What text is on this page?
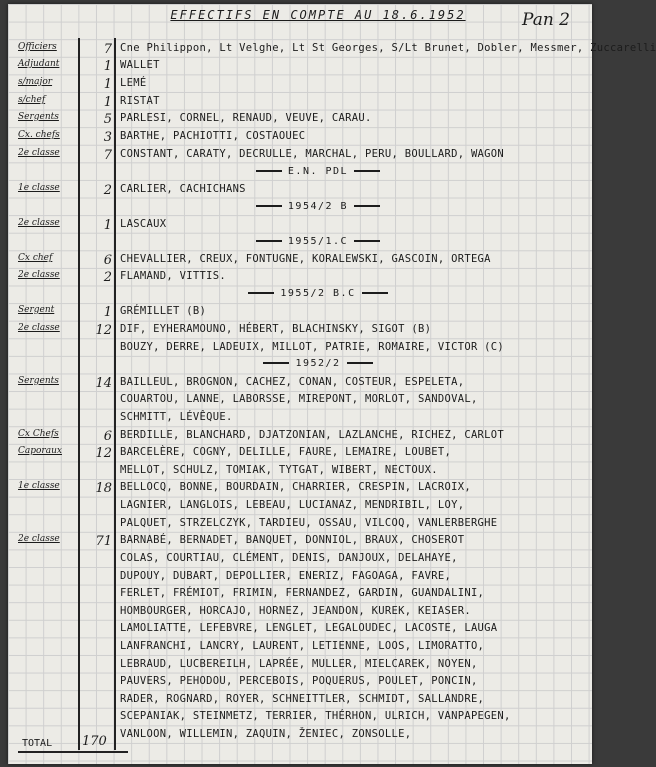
EFFECTIFS EN COMPTE AU 18.6.1952	Pan 2
Officiers	7 Cne Philippon, Lt Velghe, Lt St Georges, S/Lt Brunet, Dobler, Messmer, Zuccarelli
Adjudant	1 WALLET
s/major	1 LEMÉ
s/chef	1 RISTAT
Sergents	5 PARLESI, CORNEL, RENAUD, VEUVE, CARAU.
Cx. chefs	3 BARTHE, PACHIOTTI, COSTAOUEC
2e classe	7 CONSTANT, CARATY, DECRULLE, MARCHAL, PERU, BOULLARD, WAGON
1e classe	2 CARLIER, CACHICHANS
2e classe	1 LASCAUX
Cx chef	6 CHEVALLIER, CREUX, FONTUGNE, KORALEWSKI, GASCOIN, ORTEGA
2e classe	2 FLAMAND, VITTIS.
Sergent	1 GRÉMILLET (B)
2e classe	12 DIF, EYHERAMOUNO, HÉBERT, BLACHINSKY, SIGOT (B)
BOUZY, DERRE, LADEUIX, MILLOT, PATRIE, ROMAIRE, VICTOR (C)
Sergents	14 BAILLEUL, BROGNON, CACHEZ, CONAN, COSTEUR, ESPELETA,
COUARTOU, LANNE, LABORSSE, MIREPONT, MORLOT, SANDOVAL,
SCHMITT, LÉVÊQUE.
Cx Chefs	6 BERDILLE, BLANCHARD, DJATZONIAN, LAZLANCHE, RICHEZ, CARLOT
Caporaux	12 BARCELÈRE, COGNY, DELILLE, FAURE, LEMAIRE, LOUBET,
MELLOT, SCHULZ, TOMIAK, TYTGAT, WIBERT, NECTOUX.
1e classe	18 BELLOCQ, BONNE, BOURDAIN, CHARRIER, CRESPIN, LACROIX,
LAGNIER, LANGLOIS, LEBEAU, LUCIANAZ, MENDRIBIL, LOY,
PALQUET, STRZELCZYK, TARDIEU, OSSAU, VILCOQ, VANLERBERGHE
2e classe	71 BARNABÉ, BERNADET, BANQUET, DONNIOL, BRAUX, CHOSEROT
COLAS, COURTIAU, CLÉMENT, DENIS, DANJOUX, DELAHAYE,
DUPOUY, DUBART, DEPOLLIER, ENERIZ, FAGOAGA, FAVRE,
FERLET, FRÉMIOT, FRIMIN, FERNANDEZ, GARDIN, GUANDALINI,
HOMBOURGER, HORCAJO, HORNEZ, JEANDON, KUREK, KEIASER.
LAMOLIATTE, LEFEBVRE, LENGLET, LEGALOUDEC, LACOSTE, LAUGA
LANFRANCHI, LANCRY, LAURENT, LETIENNE, LOOS, LIMORATTO,
LEBRAUD, LUCBEREILH, LAPRÉE, MULLER, MIELCAREK, NOYEN,
PAUVERS, PEHODOU, PERCEBOIS, POQUERUS, POULET, PONCIN,
RADER, ROGNARD, ROYER, SCHNEITTLER, SCHMIDT, SALLANDRE,
SCEPANIAK, STEINMETZ, TERRIER, THÉRHON, ULRICH, VANPAPEGEN,
VANLOON, WILLEMIN, ZAQUIN, ŽENIEC, ZONSOLLE,
E.N. PDL
1954/2 B
1955/1.C
1955/2 B.C
1952/2
TOTAL 170
